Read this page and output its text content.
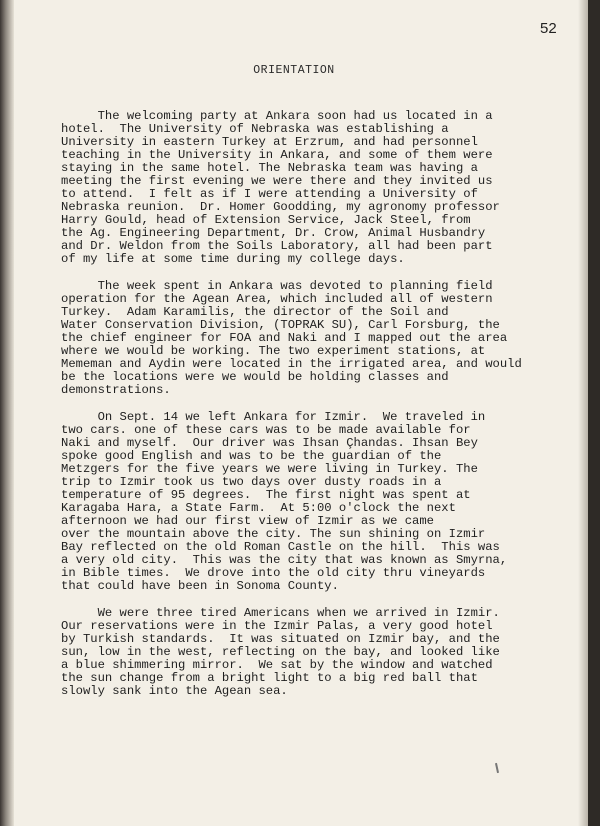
52
ORIENTATION
The welcoming party at Ankara soon had us located in a
hotel.  The University of Nebraska was establishing a
University in eastern Turkey at Erzrum, and had personnel
teaching in the University in Ankara, and some of them were
staying in the same hotel. The Nebraska team was having a
meeting the first evening we were there and they invited us
to attend.  I felt as if I were attending a University of
Nebraska reunion.  Dr. Homer Goodding, my agronomy professor
Harry Gould, head of Extension Service, Jack Steel, from
the Ag. Engineering Department, Dr. Crow, Animal Husbandry
and Dr. Weldon from the Soils Laboratory, all had been part
of my life at some time during my college days.
The week spent in Ankara was devoted to planning field
operation for the Agean Area, which included all of western
Turkey.  Adam Karamilis, the director of the Soil and
Water Conservation Division, (TOPRAK SU), Carl Forsburg, the
the chief engineer for FOA and Naki and I mapped out the area
where we would be working. The two experiment stations, at
Mememan and Aydin were located in the irrigated area, and would
be the locations were we would be holding classes and
demonstrations.
On Sept. 14 we left Ankara for Izmir.  We traveled in
two cars. one of these cars was to be made available for
Naki and myself.  Our driver was Ihsan Çhandas. Ihsan Bey
spoke good English and was to be the guardian of the
Metzgers for the five years we were living in Turkey. The
trip to Izmir took us two days over dusty roads in a
temperature of 95 degrees.  The first night was spent at
Karagaba Hara, a State Farm.  At 5:00 o'clock the next
afternoon we had our first view of Izmir as we came
over the mountain above the city. The sun shining on Izmir
Bay reflected on the old Roman Castle on the hill.  This was
a very old city.  This was the city that was known as Smyrna,
in Bible times.  We drove into the old city thru vineyards
that could have been in Sonoma County.
We were three tired Americans when we arrived in Izmir.
Our reservations were in the Izmir Palas, a very good hotel
by Turkish standards.  It was situated on Izmir bay, and the
sun, low in the west, reflecting on the bay, and looked like
a blue shimmering mirror.  We sat by the window and watched
the sun change from a bright light to a big red ball that
slowly sank into the Agean sea.
